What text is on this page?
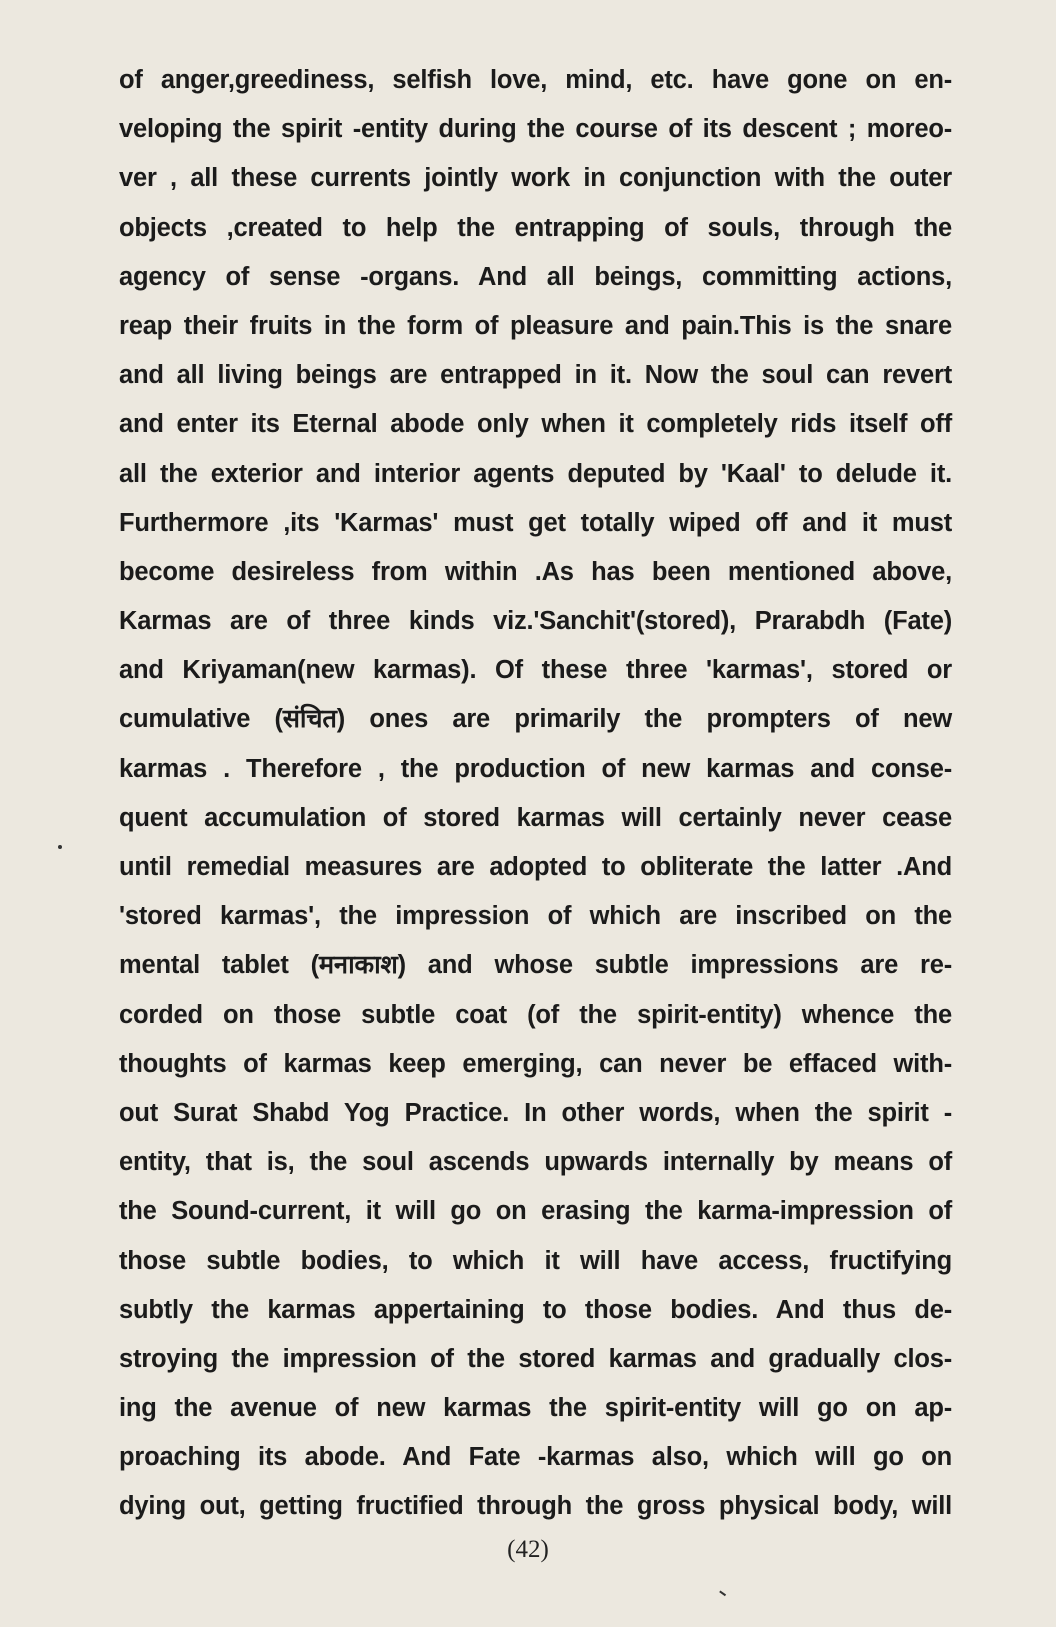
of anger,greediness, selfish love, mind, etc. have gone on en-
veloping the spirit -entity during the course of its descent ; moreo-
ver , all these currents jointly work in conjunction with the outer
objects ,created to help the entrapping of souls, through the
agency of sense -organs. And all beings, committing actions,
reap their fruits in the form of pleasure and pain.This is the snare
and all living beings are entrapped in it. Now the soul can revert
and enter its Eternal abode only when it completely rids itself off
all the exterior and interior agents deputed by 'Kaal' to delude it.
Furthermore ,its 'Karmas' must get totally wiped off and it must
become desireless from within .As has been mentioned above,
Karmas are of three kinds viz.'Sanchit'(stored), Prarabdh (Fate)
and Kriyaman(new karmas). Of these three 'karmas', stored or
cumulative (संचित) ones are primarily the prompters of new
karmas . Therefore , the production of new karmas and conse-
quent accumulation of stored karmas will certainly never cease
until remedial measures are adopted to obliterate the latter .And
'stored karmas', the impression of which are inscribed on the
mental tablet (मनाकाश) and whose subtle impressions are re-
corded on those subtle coat (of the spirit-entity) whence the
thoughts of karmas keep emerging, can never be effaced with-
out Surat Shabd Yog Practice. In other words, when the spirit -
entity, that is, the soul ascends upwards internally by means of
the Sound-current, it will go on erasing the karma-impression of
those subtle bodies, to which it will have access, fructifying
subtly the karmas appertaining to those bodies. And thus de-
stroying the impression of the stored karmas and gradually clos-
ing the avenue of new karmas the spirit-entity will go on ap-
proaching its abode. And Fate -karmas also, which will go on
dying out, getting fructified through the gross physical body, will
(42)
